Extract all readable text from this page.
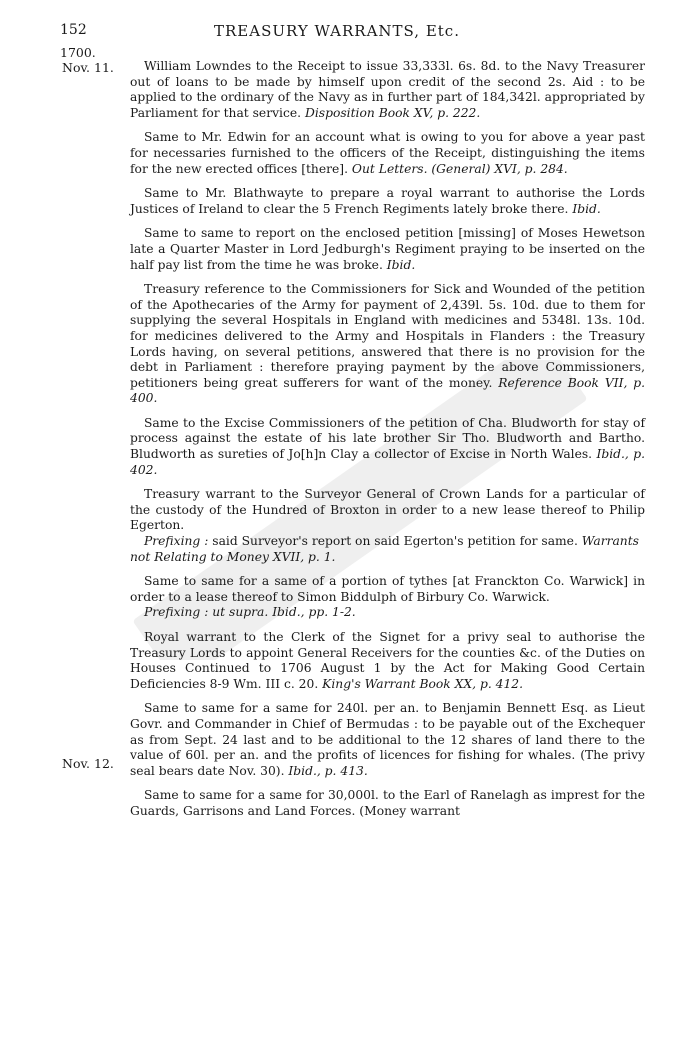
152	TREASURY WARRANTS, Etc.
1700.
Nov. 11.
Nov. 12.

William Lowndes to the Receipt to issue 33,333l. 6s. 8d. to the Navy Treasurer out of loans to be made by himself upon credit of the second 2s. Aid : to be applied to the ordinary of the Navy as in further part of 184,342l. appropriated by Parliament for that service. Disposition Book XV, p. 222.

Same to Mr. Edwin for an account what is owing to you for above a year past for necessaries furnished to the officers of the Receipt, distinguishing the items for the new erected offices [there]. Out Letters. (General) XVI, p. 284.

Same to Mr. Blathwayte to prepare a royal warrant to authorise the Lords Justices of Ireland to clear the 5 French Regiments lately broke there. Ibid.

Same to same to report on the enclosed petition [missing] of Moses Hewetson late a Quarter Master in Lord Jedburgh's Regiment praying to be inserted on the half pay list from the time he was broke. Ibid.

Treasury reference to the Commissioners for Sick and Wounded of the petition of the Apothecaries of the Army for payment of 2,439l. 5s. 10d. due to them for supplying the several Hospitals in England with medicines and 5348l. 13s. 10d. for medicines delivered to the Army and Hospitals in Flanders : the Treasury Lords having, on several petitions, answered that there is no provision for the debt in Parliament : therefore praying payment by the above Commissioners, petitioners being great sufferers for want of the money. Reference Book VII, p. 400.

Same to the Excise Commissioners of the petition of Cha. Bludworth for stay of process against the estate of his late brother Sir Tho. Bludworth and Bartho. Bludworth as sureties of Jo[h]n Clay a collector of Excise in North Wales. Ibid., p. 402.

Treasury warrant to the Surveyor General of Crown Lands for a particular of the custody of the Hundred of Broxton in order to a new lease thereof to Philip Egerton.

Prefixing : said Surveyor's report on said Egerton's petition for same. Warrants not Relating to Money XVII, p. 1.

Same to same for a same of a portion of tythes [at Franckton Co. Warwick] in order to a lease thereof to Simon Biddulph of Birbury Co. Warwick.

Prefixing : ut supra. Ibid., pp. 1-2.

Royal warrant to the Clerk of the Signet for a privy seal to authorise the Treasury Lords to appoint General Receivers for the counties &c. of the Duties on Houses Continued to 1706 August 1 by the Act for Making Good Certain Deficiencies 8-9 Wm. III c. 20. King's Warrant Book XX, p. 412.

Same to same for a same for 240l. per an. to Benjamin Bennett Esq. as Lieut Govr. and Commander in Chief of Bermudas : to be payable out of the Exchequer as from Sept. 24 last and to be additional to the 12 shares of land there to the value of 60l. per an. and the profits of licences for fishing for whales. (The privy seal bears date Nov. 30). Ibid., p. 413.

Same to same for a same for 30,000l. to the Earl of Ranelagh as imprest for the Guards, Garrisons and Land Forces. (Money warrant
